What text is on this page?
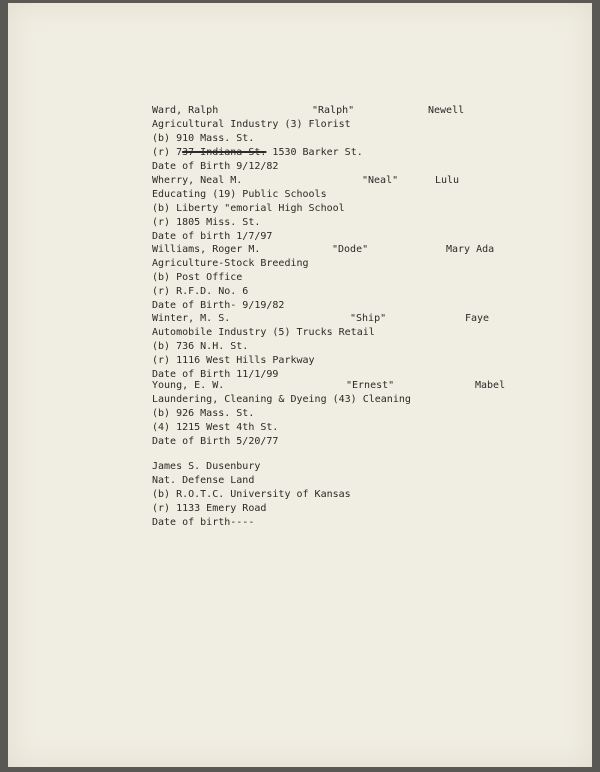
Ward, Ralph	"Ralph"	Newell
Agricultural Industry (3) Florist
(b) 910 Mass. St.
(r) 737 Indiana St. 1530 Barker St.
Date of Birth 9/12/82
Wherry, Neal M.	"Neal"	Lulu
Educating (19) Public Schools
(b) Liberty "emorial High School
(r) 1805 Miss. St.
Date of birth 1/7/97
Williams, Roger M.	"Dode"	Mary Ada
Agriculture-Stock Breeding
(b) Post Office
(r) R.F.D. No. 6
Date of Birth- 9/19/82
Winter, M. S.	"Ship"	Faye
Automobile Industry (5) Trucks Retail
(b) 736 N.H. St.
(r) 1116 West Hills Parkway
Date of Birth 11/1/99
Young, E. W.	"Ernest"	Mabel
Laundering, Cleaning & Dyeing (43) Cleaning
(b) 926 Mass. St.
(4) 1215 West 4th St.
Date of Birth 5/20/77
James S. Dusenbury
Nat. Defense Land
(b) R.O.T.C. University of Kansas
(r) 1133 Emery Road
Date of birth----
